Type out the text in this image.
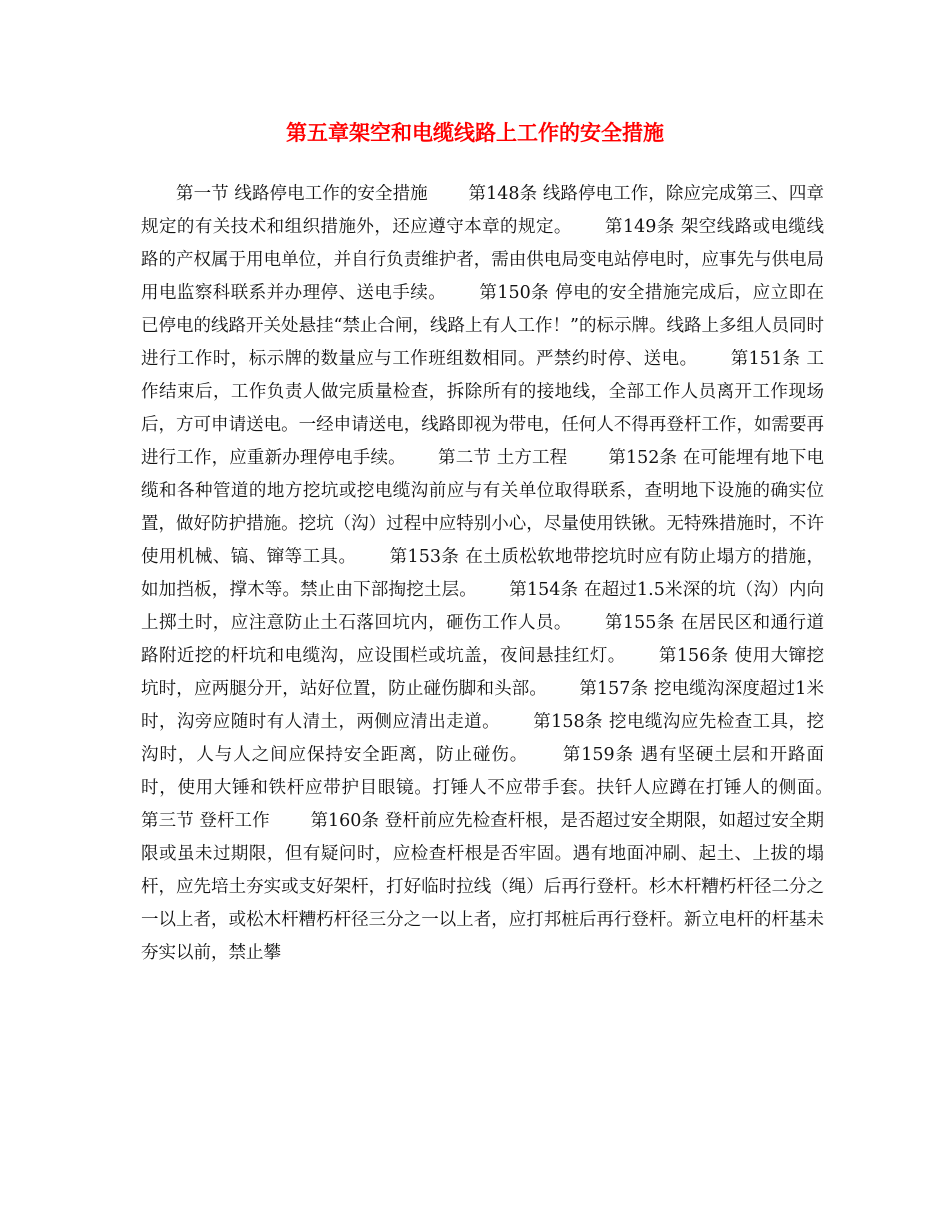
第五章架空和电缆线路上工作的安全措施

第一节 线路停电工作的安全措施　　 第148条 线路停电工作，除应完成第三、四章规定的有关技术和组织措施外，还应遵守本章的规定。　　 第149条 架空线路或电缆线路的产权属于用电单位，并自行负责维护者，需由供电局变电站停电时，应事先与供电局用电监察科联系并办理停、送电手续。　　 第150条 停电的安全措施完成后，应立即在已停电的线路开关处悬挂“禁止合闸，线路上有人工作！”的标示牌。线路上多组人员同时进行工作时，标示牌的数量应与工作班组数相同。严禁约时停、送电。　　 第151条 工作结束后，工作负责人做完质量检查，拆除所有的接地线，全部工作人员离开工作现场后，方可申请送电。一经申请送电，线路即视为带电，任何人不得再登杆工作，如需要再进行工作，应重新办理停电手续。　　 第二节 土方工程　　 第152条 在可能埋有地下电缆和各种管道的地方挖坑或挖电缆沟前应与有关单位取得联系，查明地下设施的确实位置，做好防护措施。挖坑（沟）过程中应特别小心，尽量使用铁锹。无特殊措施时，不许使用机械、镐、镩等工具。　　 第153条 在土质松软地带挖坑时应有防止塌方的措施，如加挡板，撑木等。禁止由下部掏挖土层。　　 第154条 在超过1.5米深的坑（沟）内向上掷土时，应注意防止土石落回坑内，砸伤工作人员。　　 第155条 在居民区和通行道路附近挖的杆坑和电缆沟，应设围栏或坑盖，夜间悬挂红灯。　　 第156条 使用大镩挖坑时，应两腿分开，站好位置，防止碰伤脚和头部。　　 第157条 挖电缆沟深度超过1米时，沟旁应随时有人清土，两侧应清出走道。　　 第158条 挖电缆沟应先检查工具，挖沟时，人与人之间应保持安全距离，防止碰伤。　　 第159条 遇有坚硬土层和开路面时，使用大锤和铁杆应带护目眼镜。打锤人不应带手套。扶钎人应蹲在打锤人的侧面。　　 第三节 登杆工作　　 第160条 登杆前应先检查杆根，是否超过安全期限，如超过安全期限或虽未过期限，但有疑问时，应检查杆根是否牢固。遇有地面冲刷、起土、上拔的塌杆，应先培土夯实或支好架杆，打好临时拉线（绳）后再行登杆。杉木杆糟朽杆径二分之一以上者，或松木杆糟朽杆径三分之一以上者，应打邦桩后再行登杆。新立电杆的杆基未夯实以前，禁止攀
